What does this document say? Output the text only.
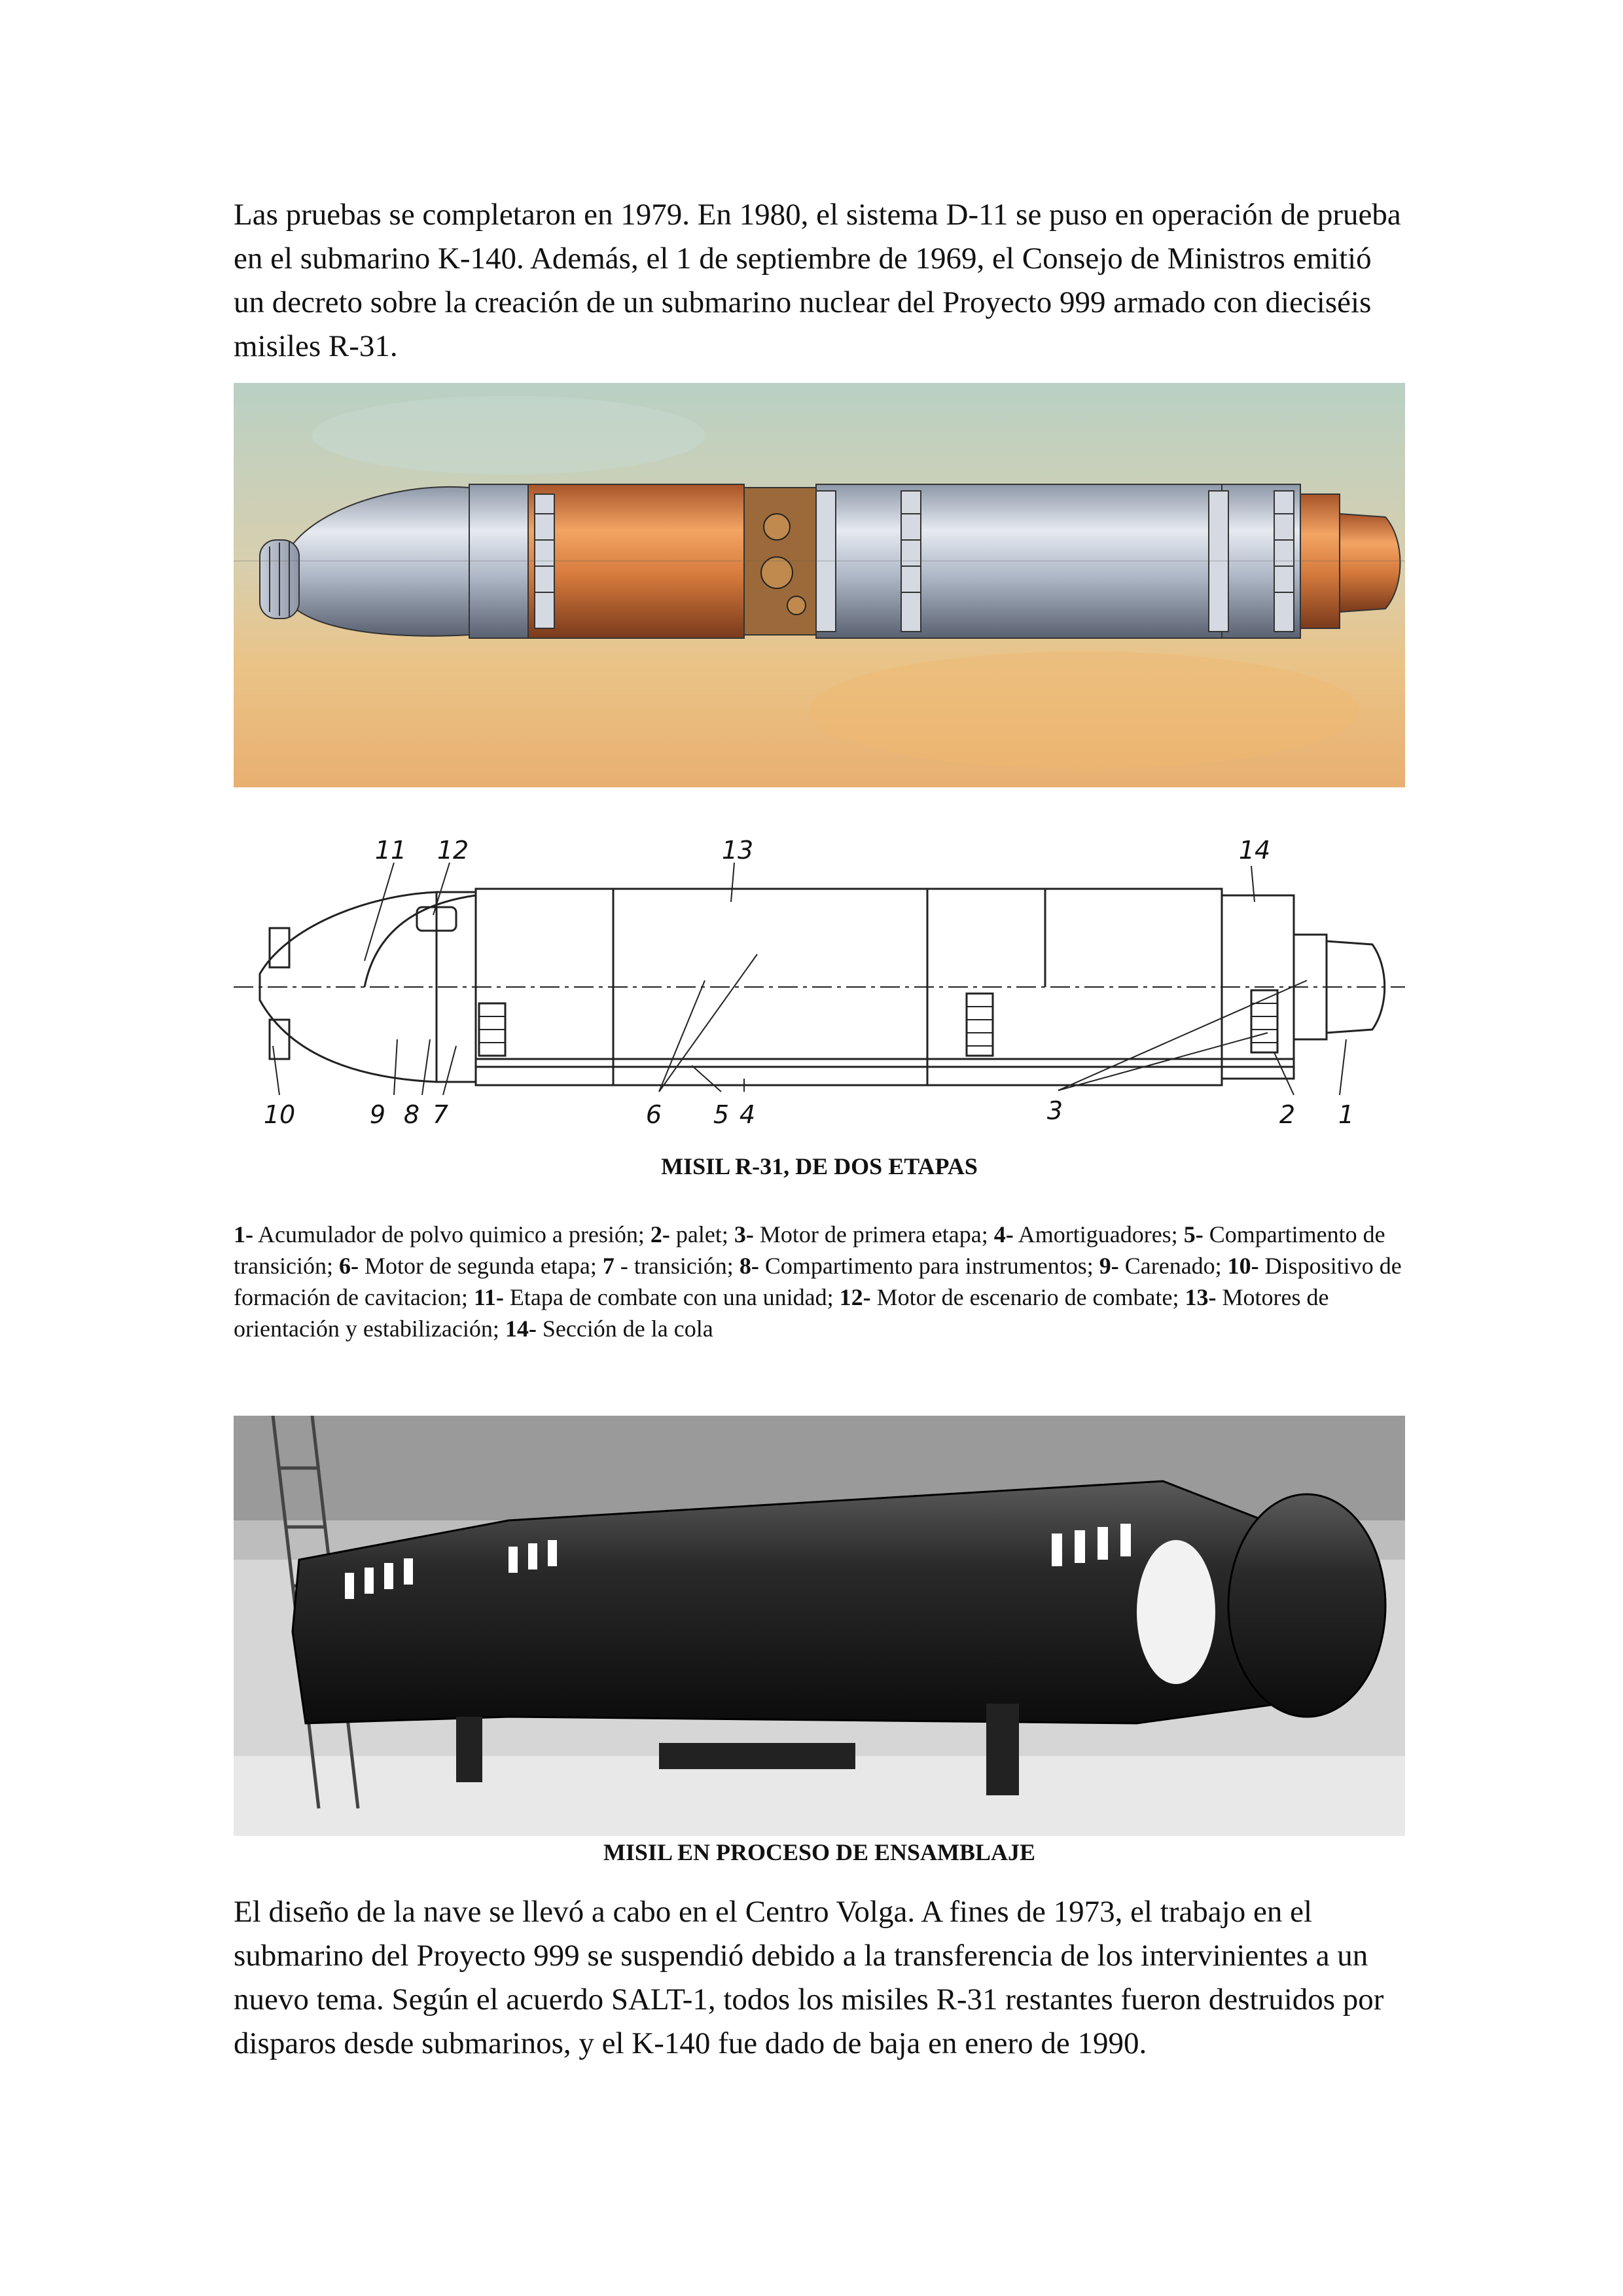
Las pruebas se completaron en 1979. En 1980, el sistema D-11 se puso en operación de prueba en el submarino K-140. Además, el 1 de septiembre de 1969, el Consejo de Ministros emitió un decreto sobre la creación de un submarino nuclear del Proyecto 999 armado con dieciséis misiles R-31.

11 12	13	14
10	9 8 7	6 5 4	3	2 1

MISIL R-31, DE DOS ETAPAS

1- Acumulador de polvo quimico a presión; 2- palet; 3- Motor de primera etapa; 4- Amortiguadores; 5- Compartimento de transición; 6- Motor de segunda etapa; 7 - transición; 8- Compartimento para instrumentos; 9- Carenado; 10- Dispositivo de formación de cavitacion; 11- Etapa de combate con una unidad; 12- Motor de escenario de combate; 13- Motores de orientación y estabilización; 14- Sección de la cola

MISIL EN PROCESO DE ENSAMBLAJE

El diseño de la nave se llevó a cabo en el Centro Volga. A fines de 1973, el trabajo en el submarino del Proyecto 999 se suspendió debido a la transferencia de los intervinientes a un nuevo tema. Según el acuerdo SALT-1, todos los misiles R-31 restantes fueron destruidos por disparos desde submarinos, y el K-140 fue dado de baja en enero de 1990.
